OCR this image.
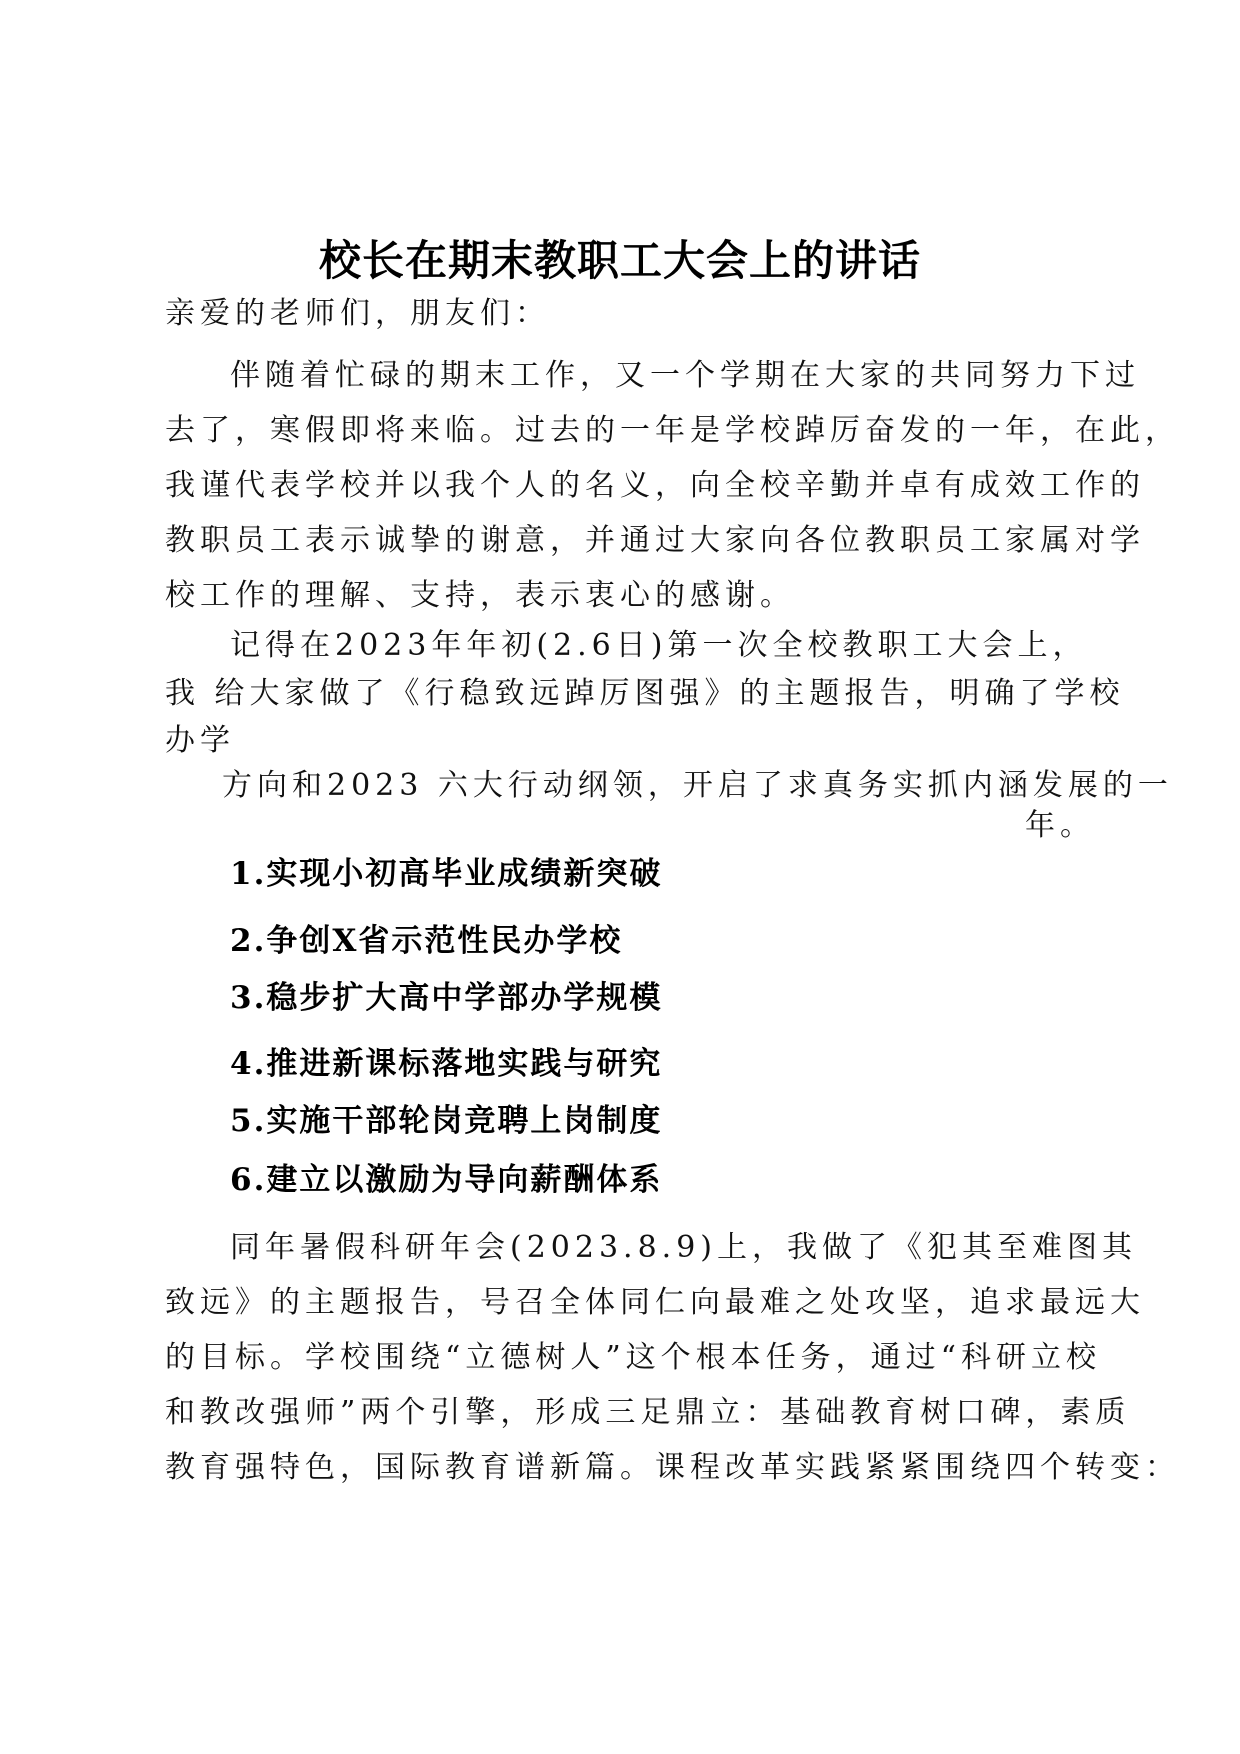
校长在期末教职工大会上的讲话
亲爱的老师们，朋友们：
伴随着忙碌的期末工作，又一个学期在大家的共同努力下过
去了，寒假即将来临。过去的一年是学校踔厉奋发的一年，在此，
我谨代表学校并以我个人的名义，向全校辛勤并卓有成效工作的
教职员工表示诚挚的谢意，并通过大家向各位教职员工家属对学
校工作的理解、支持，表示衷心的感谢。
记得在2023年年初(2.6日)第一次全校教职工大会上，
我 给大家做了《行稳致远踔厉图强》的主题报告，明确了学校
办学
方向和2023 六大行动纲领，开启了求真务实抓内涵发展的一
年。
1.实现小初高毕业成绩新突破
2.争创X省示范性民办学校
3.稳步扩大高中学部办学规模
4.推进新课标落地实践与研究
5.实施干部轮岗竞聘上岗制度
6.建立以激励为导向薪酬体系
同年暑假科研年会(2023.8.9)上，我做了《犯其至难图其
致远》的主题报告，号召全体同仁向最难之处攻坚，追求最远大
的目标。学校围绕“立德树人”这个根本任务，通过“科研立校
和教改强师”两个引擎，形成三足鼎立：基础教育树口碑，素质
教育强特色，国际教育谱新篇。课程改革实践紧紧围绕四个转变：
